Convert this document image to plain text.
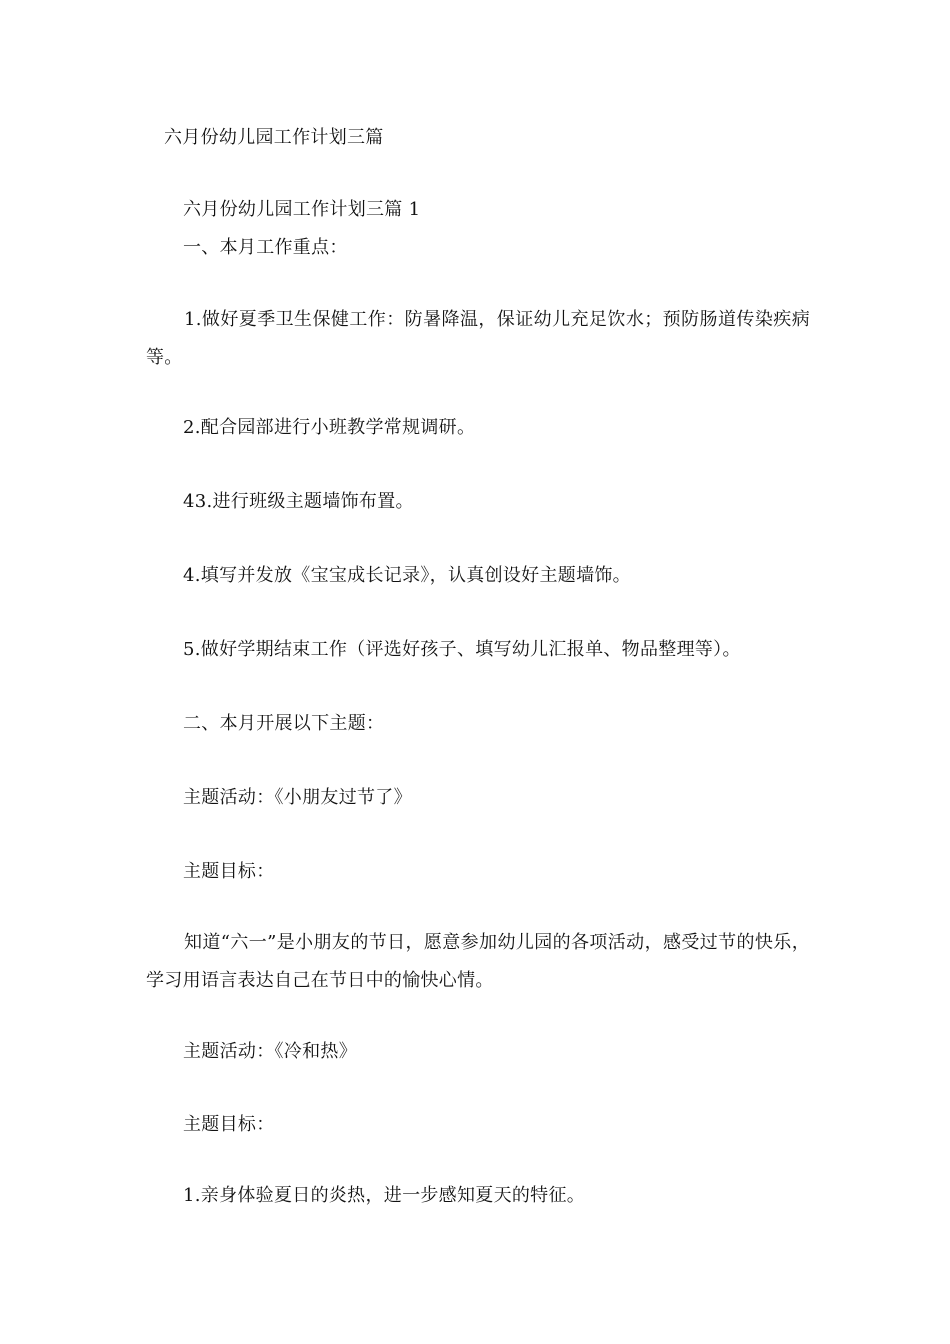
六月份幼儿园工作计划三篇
六月份幼儿园工作计划三篇 1
一、本月工作重点：
1.做好夏季卫生保健工作：防暑降温，保证幼儿充足饮水；预防肠道传染疾病等。
2.配合园部进行小班教学常规调研。
43.进行班级主题墙饰布置。
4.填写并发放《宝宝成长记录》，认真创设好主题墙饰。
5.做好学期结束工作（评选好孩子、填写幼儿汇报单、物品整理等）。
二、本月开展以下主题：
主题活动：《小朋友过节了》
主题目标：
知道“六一”是小朋友的节日，愿意参加幼儿园的各项活动，感受过节的快乐，学习用语言表达自己在节日中的愉快心情。
主题活动：《冷和热》
主题目标：
1.亲身体验夏日的炎热，进一步感知夏天的特征。
